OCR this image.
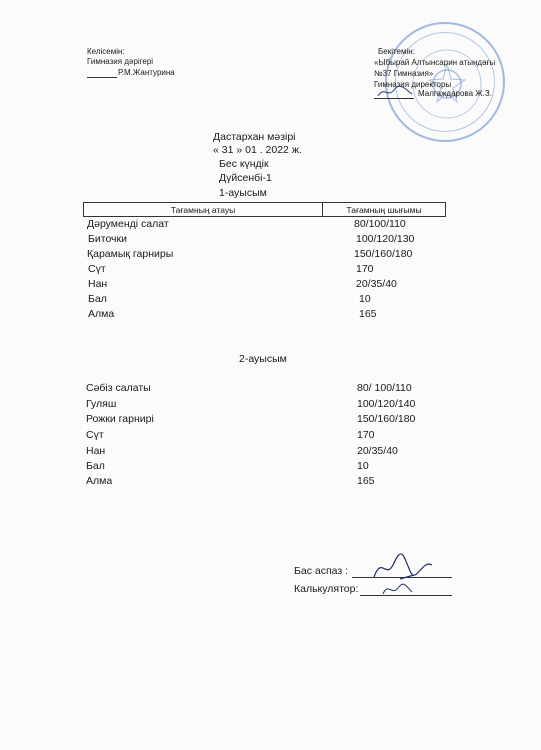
Келісемін:
Гимназия дәрігері
Р.М.Жантурина
Бекітемін:
«Ыбырай Алтынсарин атындағы
№37 Гимназия»
Гимназия директоры
Малгаждарова Ж.З.
Дастархан мәзірі
« 31 » 01 . 2022 ж.
Бес күндік
Дүйсенбі-1
1-ауысым
Тағамның атауы	Тағамның шығымы
Дәруменді салат	80/100/110
Биточки	100/120/130
Қарамық гарниры	150/160/180
Сүт	170
Нан	20/35/40
Бал	10
Алма	165
2-ауысым
Сәбіз салаты	80/ 100/110
Гуляш	100/120/140
Рожки гарнирі	150/160/180
Сүт	170
Нан	20/35/40
Бал	10
Алма	165
Бас аспаз :
Калькулятор:
